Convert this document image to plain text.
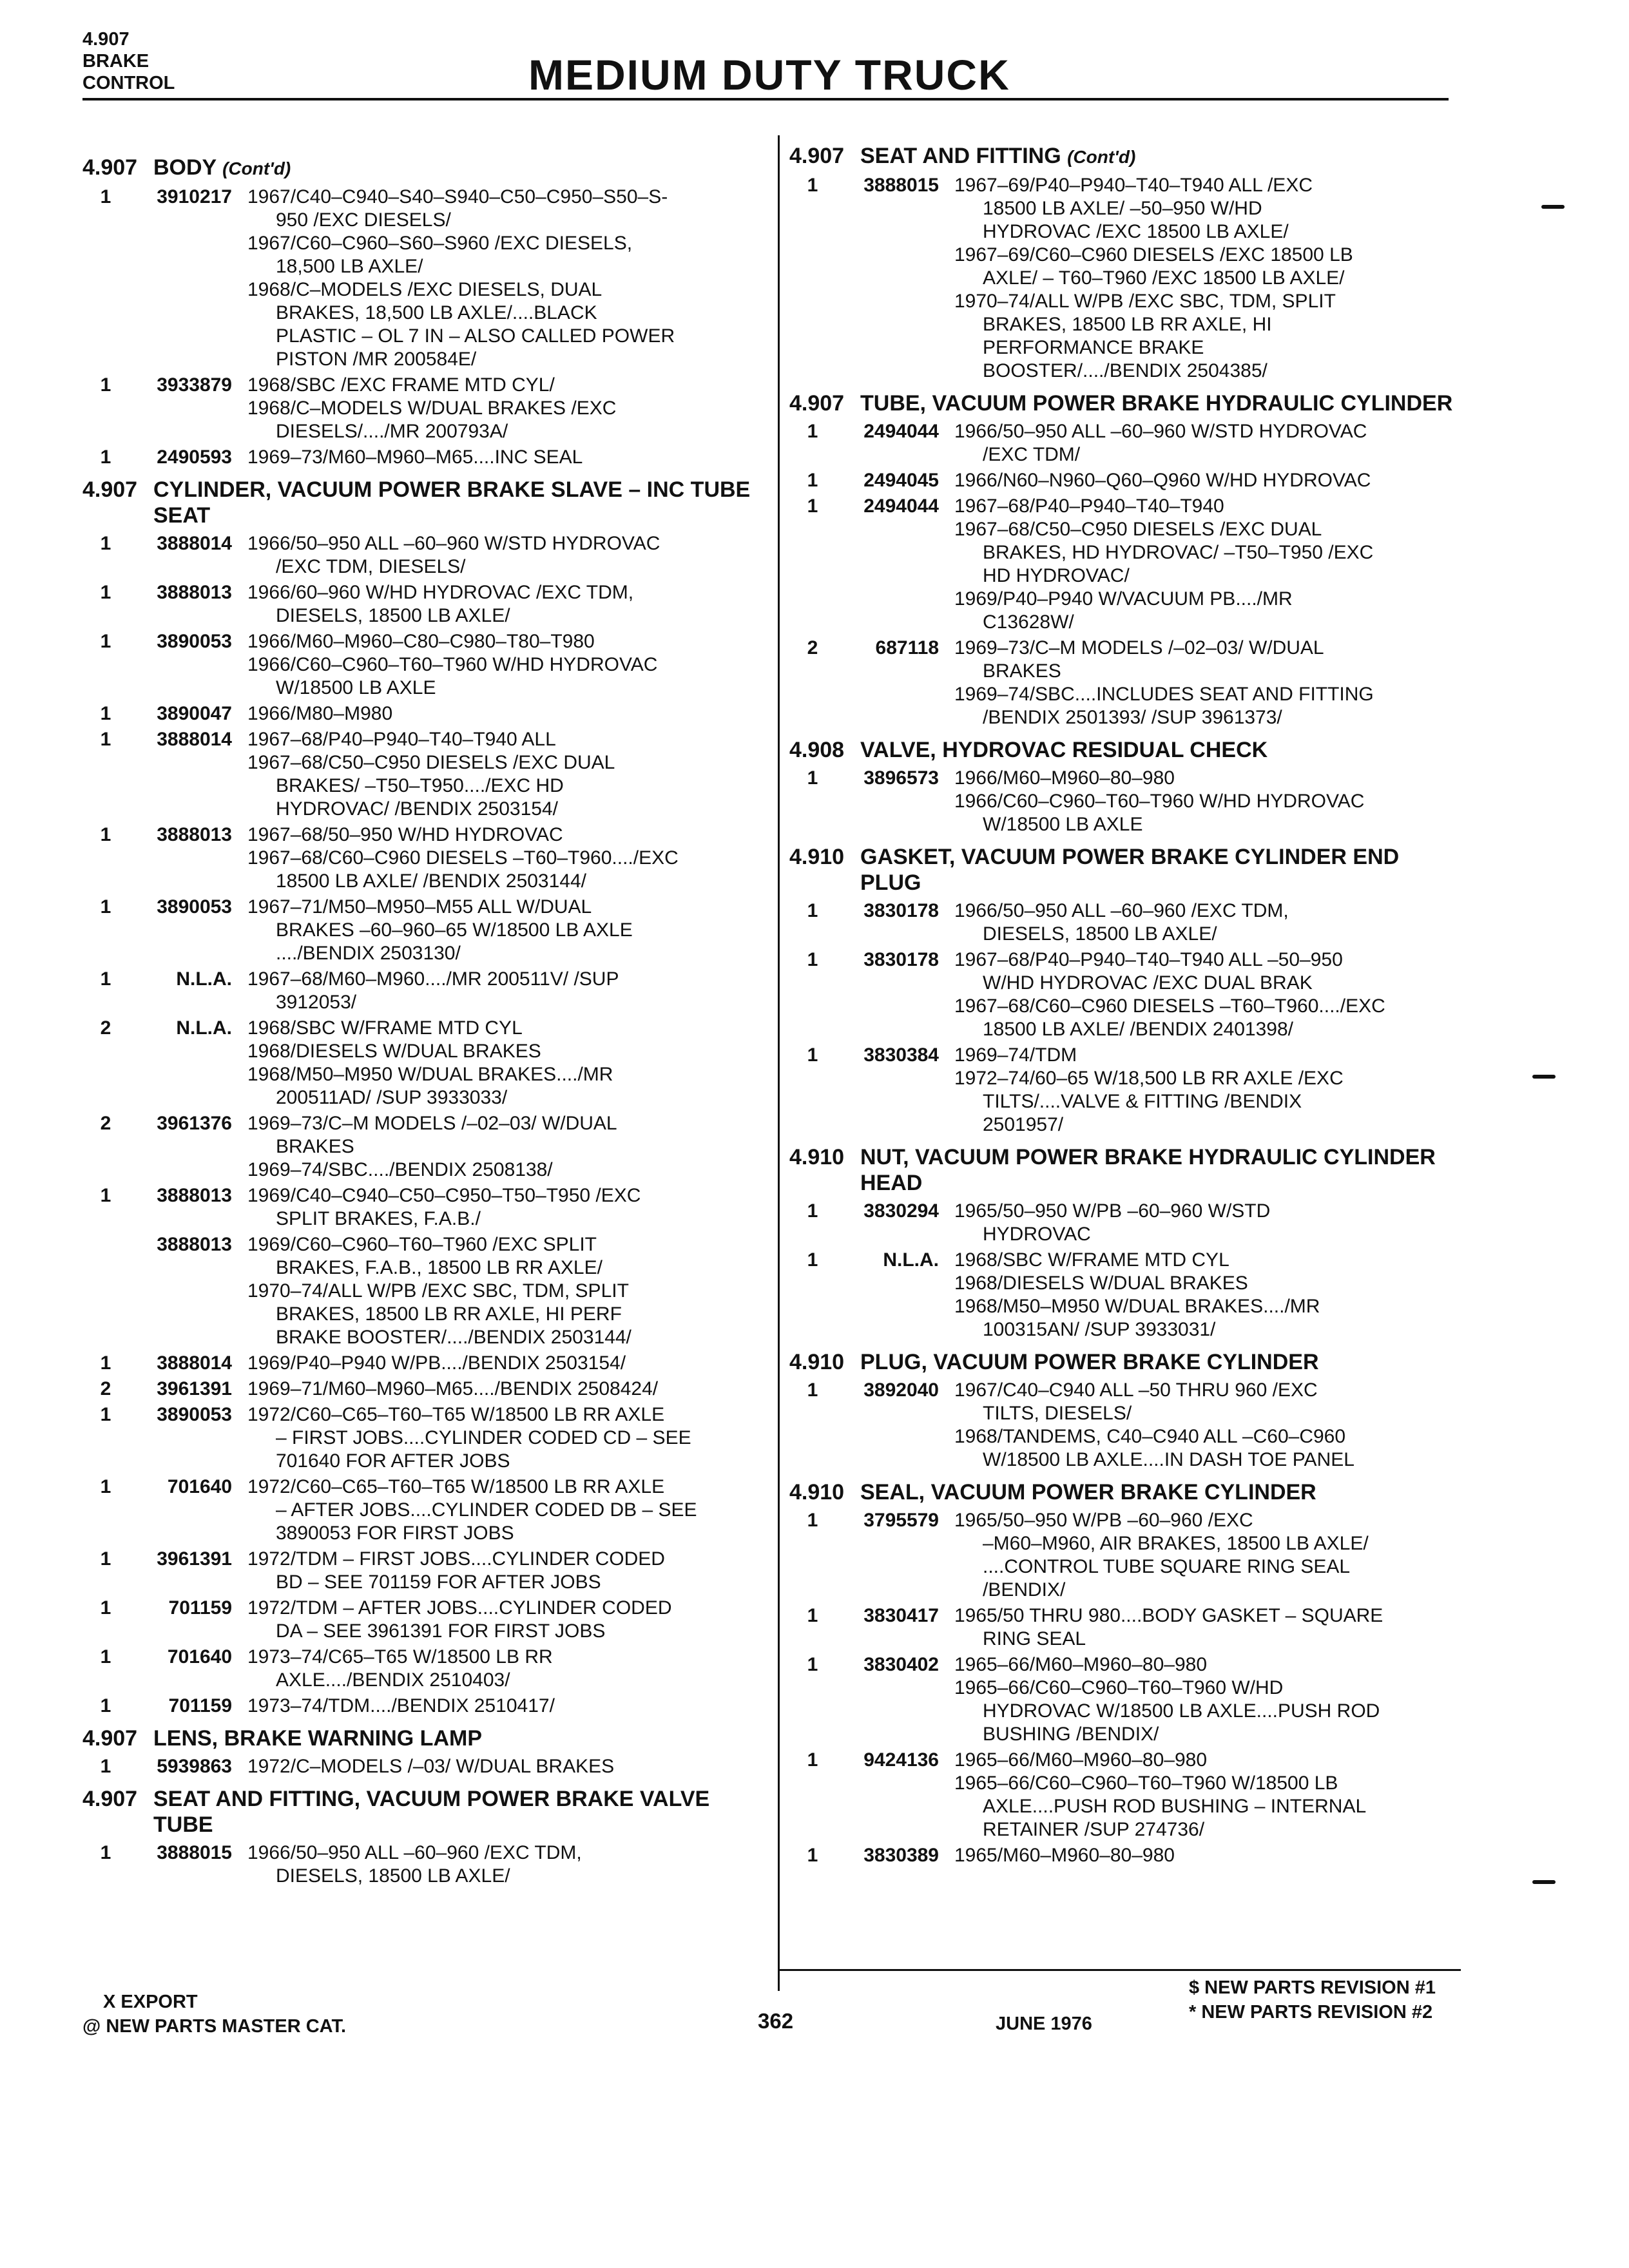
4.907
BRAKE
CONTROL	MEDIUM DUTY TRUCK
4.907 BODY (Cont'd)
1	3910217 1967/C40–C940–S40–S940–C50–C950–S50–S-
950 /EXC DIESELS/
1967/C60–C960–S60–S960 /EXC DIESELS,
18,500 LB AXLE/
1968/C–MODELS /EXC DIESELS, DUAL
BRAKES, 18,500 LB AXLE/....BLACK
PLASTIC – OL 7 IN – ALSO CALLED POWER
PISTON /MR 200584E/
1	3933879 1968/SBC /EXC FRAME MTD CYL/
1968/C–MODELS W/DUAL BRAKES /EXC
DIESELS/..../MR 200793A/
1	2490593 1969–73/M60–M960–M65....INC SEAL
4.907 CYLINDER, VACUUM POWER BRAKE SLAVE – INC TUBE SEAT
1	3888014 1966/50–950 ALL –60–960 W/STD HYDROVAC
/EXC TDM, DIESELS/
1	3888013 1966/60–960 W/HD HYDROVAC /EXC TDM,
DIESELS, 18500 LB AXLE/
1	3890053 1966/M60–M960–C80–C980–T80–T980
1966/C60–C960–T60–T960 W/HD HYDROVAC
W/18500 LB AXLE
1	3890047 1966/M80–M980
1	3888014 1967–68/P40–P940–T40–T940 ALL
1967–68/C50–C950 DIESELS /EXC DUAL
BRAKES/ –T50–T950..../EXC HD
HYDROVAC/ /BENDIX 2503154/
1	3888013 1967–68/50–950 W/HD HYDROVAC
1967–68/C60–C960 DIESELS –T60–T960..../EXC
18500 LB AXLE/ /BENDIX 2503144/
1	3890053 1967–71/M50–M950–M55 ALL W/DUAL
BRAKES –60–960–65 W/18500 LB AXLE
..../BENDIX 2503130/
1	N.L.A. 1967–68/M60–M960..../MR 200511V/ /SUP
3912053/
2	N.L.A. 1968/SBC W/FRAME MTD CYL
1968/DIESELS W/DUAL BRAKES
1968/M50–M950 W/DUAL BRAKES..../MR
200511AD/ /SUP 3933033/
2	3961376 1969–73/C–M MODELS /–02–03/ W/DUAL
BRAKES
1969–74/SBC..../BENDIX 2508138/
1	3888013 1969/C40–C940–C50–C950–T50–T950 /EXC
SPLIT BRAKES, F.A.B./
3888013 1969/C60–C960–T60–T960 /EXC SPLIT
BRAKES, F.A.B., 18500 LB RR AXLE/
1970–74/ALL W/PB /EXC SBC, TDM, SPLIT
BRAKES, 18500 LB RR AXLE, HI PERF
BRAKE BOOSTER/..../BENDIX 2503144/
1	3888014 1969/P40–P940 W/PB..../BENDIX 2503154/
2	3961391 1969–71/M60–M960–M65..../BENDIX 2508424/
1	3890053 1972/C60–C65–T60–T65 W/18500 LB RR AXLE
– FIRST JOBS....CYLINDER CODED CD – SEE
701640 FOR AFTER JOBS
1	701640 1972/C60–C65–T60–T65 W/18500 LB RR AXLE
– AFTER JOBS....CYLINDER CODED DB – SEE
3890053 FOR FIRST JOBS
1	3961391 1972/TDM – FIRST JOBS....CYLINDER CODED
BD – SEE 701159 FOR AFTER JOBS
1	701159 1972/TDM – AFTER JOBS....CYLINDER CODED
DA – SEE 3961391 FOR FIRST JOBS
1	701640 1973–74/C65–T65 W/18500 LB RR
AXLE..../BENDIX 2510403/
1	701159 1973–74/TDM..../BENDIX 2510417/
4.907 LENS, BRAKE WARNING LAMP
1	5939863 1972/C–MODELS /–03/ W/DUAL BRAKES
4.907 SEAT AND FITTING, VACUUM POWER BRAKE VALVE TUBE
1	3888015 1966/50–950 ALL –60–960 /EXC TDM,
DIESELS, 18500 LB AXLE/
4.907 SEAT AND FITTING (Cont'd)
1	3888015 1967–69/P40–P940–T40–T940 ALL /EXC
18500 LB AXLE/ –50–950 W/HD
HYDROVAC /EXC 18500 LB AXLE/
1967–69/C60–C960 DIESELS /EXC 18500 LB
AXLE/ – T60–T960 /EXC 18500 LB AXLE/
1970–74/ALL W/PB /EXC SBC, TDM, SPLIT
BRAKES, 18500 LB RR AXLE, HI
PERFORMANCE BRAKE
BOOSTER/..../BENDIX 2504385/
4.907 TUBE, VACUUM POWER BRAKE HYDRAULIC CYLINDER
1	2494044 1966/50–950 ALL –60–960 W/STD HYDROVAC
/EXC TDM/
1	2494045 1966/N60–N960–Q60–Q960 W/HD HYDROVAC
1	2494044 1967–68/P40–P940–T40–T940
1967–68/C50–C950 DIESELS /EXC DUAL
BRAKES, HD HYDROVAC/ –T50–T950 /EXC
HD HYDROVAC/
1969/P40–P940 W/VACUUM PB..../MR
C13628W/
2	687118 1969–73/C–M MODELS /–02–03/ W/DUAL
BRAKES
1969–74/SBC....INCLUDES SEAT AND FITTING
/BENDIX 2501393/ /SUP 3961373/
4.908 VALVE, HYDROVAC RESIDUAL CHECK
1	3896573 1966/M60–M960–80–980
1966/C60–C960–T60–T960 W/HD HYDROVAC
W/18500 LB AXLE
4.910 GASKET, VACUUM POWER BRAKE CYLINDER END PLUG
1	3830178 1966/50–950 ALL –60–960 /EXC TDM,
DIESELS, 18500 LB AXLE/
1	3830178 1967–68/P40–P940–T40–T940 ALL –50–950
W/HD HYDROVAC /EXC DUAL BRAK
1967–68/C60–C960 DIESELS –T60–T960..../EXC
18500 LB AXLE/ /BENDIX 2401398/
1	3830384 1969–74/TDM
1972–74/60–65 W/18,500 LB RR AXLE /EXC
TILTS/....VALVE & FITTING /BENDIX
2501957/
4.910 NUT, VACUUM POWER BRAKE HYDRAULIC CYLINDER HEAD
1	3830294 1965/50–950 W/PB –60–960 W/STD
HYDROVAC
1	N.L.A. 1968/SBC W/FRAME MTD CYL
1968/DIESELS W/DUAL BRAKES
1968/M50–M950 W/DUAL BRAKES..../MR
100315AN/ /SUP 3933031/
4.910 PLUG, VACUUM POWER BRAKE CYLINDER
1	3892040 1967/C40–C940 ALL –50 THRU 960 /EXC
TILTS, DIESELS/
1968/TANDEMS, C40–C940 ALL –C60–C960
W/18500 LB AXLE....IN DASH TOE PANEL
4.910 SEAL, VACUUM POWER BRAKE CYLINDER
1	3795579 1965/50–950 W/PB –60–960 /EXC
–M60–M960, AIR BRAKES, 18500 LB AXLE/
....CONTROL TUBE SQUARE RING SEAL
/BENDIX/
1	3830417 1965/50 THRU 980....BODY GASKET – SQUARE
RING SEAL
1	3830402 1965–66/M60–M960–80–980
1965–66/C60–C960–T60–T960 W/HD
HYDROVAC W/18500 LB AXLE....PUSH ROD
BUSHING /BENDIX/
1	9424136 1965–66/M60–M960–80–980
1965–66/C60–C960–T60–T960 W/18500 LB
AXLE....PUSH ROD BUSHING – INTERNAL
RETAINER /SUP 274736/
1	3830389 1965/M60–M960–80–980
X EXPORT
@ NEW PARTS MASTER CAT.	362	JUNE 1976
$ NEW PARTS REVISION #1
* NEW PARTS REVISION #2
